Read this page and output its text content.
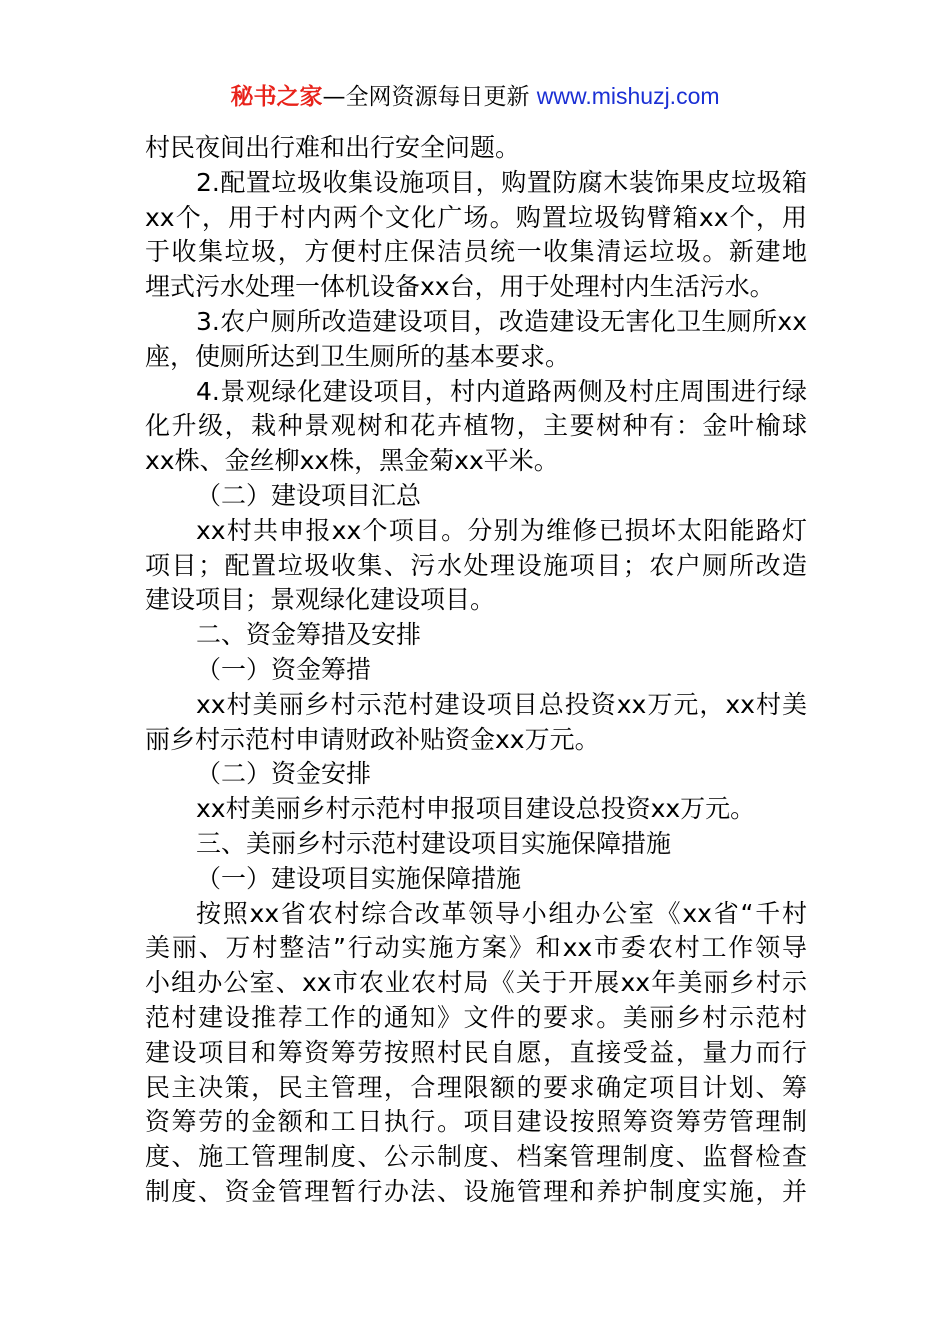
秘书之家—全网资源每日更新 www.mishuzj.com
村民夜间出行难和出行安全问题。
2.配置垃圾收集设施项目，购置防腐木装饰果皮垃圾箱
xx个，用于村内两个文化广场。购置垃圾钩臂箱xx个，用
于收集垃圾，方便村庄保洁员统一收集清运垃圾。新建地
埋式污水处理一体机设备xx台，用于处理村内生活污水。
3.农户厕所改造建设项目，改造建设无害化卫生厕所xx
座，使厕所达到卫生厕所的基本要求。
4.景观绿化建设项目，村内道路两侧及村庄周围进行绿
化升级，栽种景观树和花卉植物，主要树种有：金叶榆球
xx株、金丝柳xx株，黑金菊xx平米。
（二）建设项目汇总
xx村共申报xx个项目。分别为维修已损坏太阳能路灯
项目；配置垃圾收集、污水处理设施项目；农户厕所改造
建设项目；景观绿化建设项目。
二、资金筹措及安排
（一）资金筹措
xx村美丽乡村示范村建设项目总投资xx万元，xx村美
丽乡村示范村申请财政补贴资金xx万元。
（二）资金安排
xx村美丽乡村示范村申报项目建设总投资xx万元。
三、美丽乡村示范村建设项目实施保障措施
（一）建设项目实施保障措施
按照xx省农村综合改革领导小组办公室《xx省“千村
美丽、万村整洁”行动实施方案》和xx市委农村工作领导
小组办公室、xx市农业农村局《关于开展xx年美丽乡村示
范村建设推荐工作的通知》文件的要求。美丽乡村示范村
建设项目和筹资筹劳按照村民自愿，直接受益，量力而行
民主决策，民主管理，合理限额的要求确定项目计划、筹
资筹劳的金额和工日执行。项目建设按照筹资筹劳管理制
度、施工管理制度、公示制度、档案管理制度、监督检查
制度、资金管理暂行办法、设施管理和养护制度实施，并
